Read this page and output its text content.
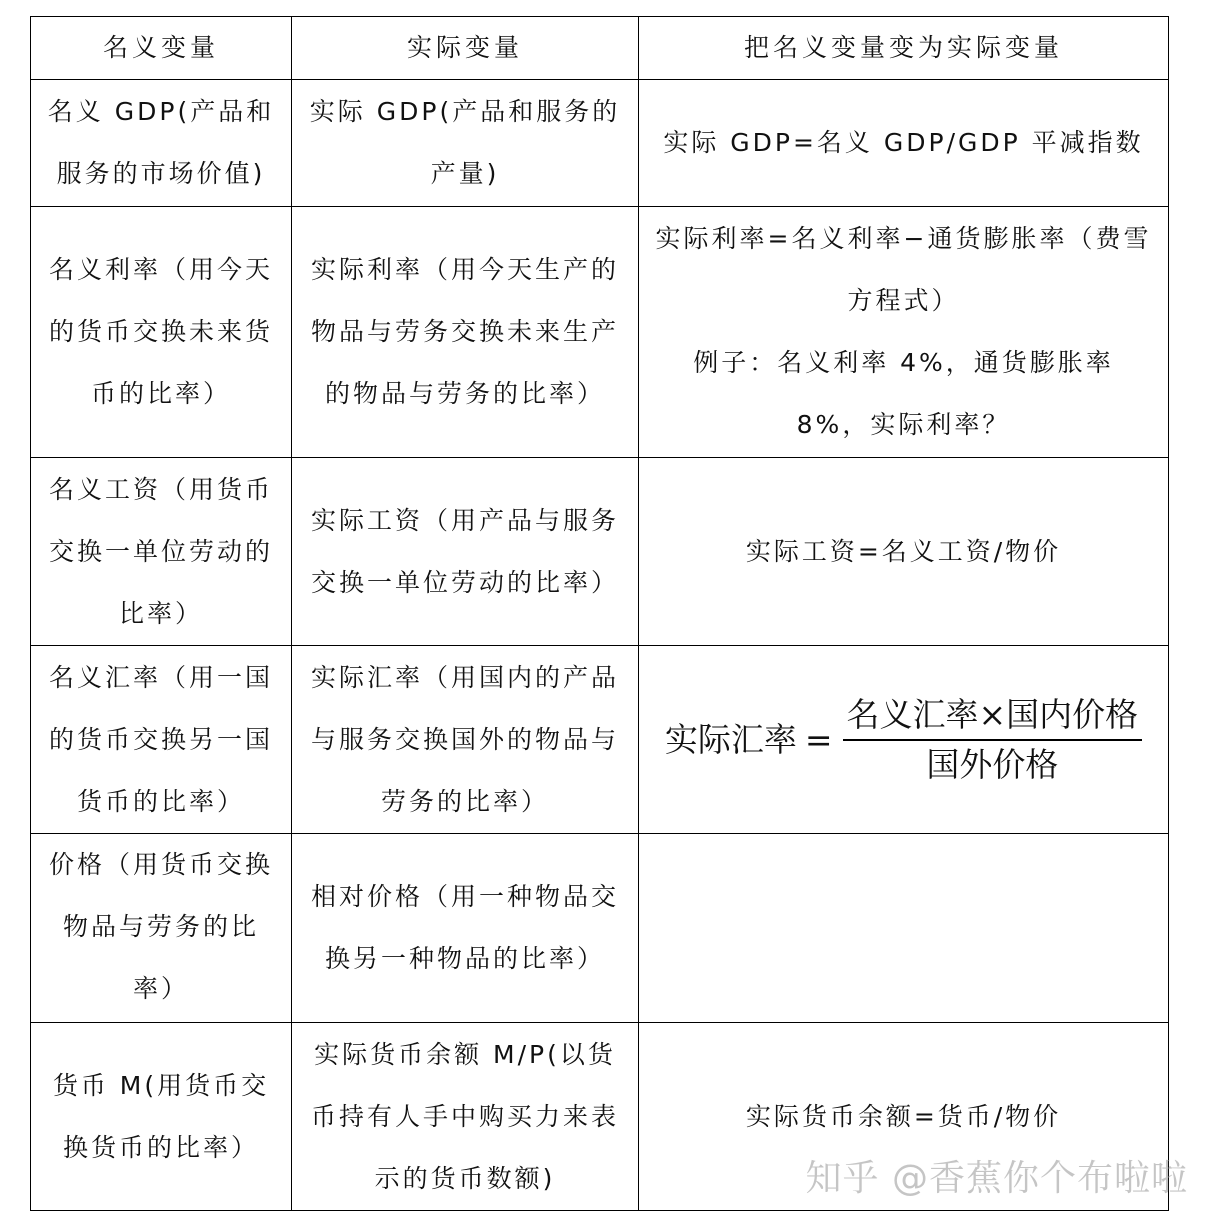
名义变量	实际变量	把名义变量变为实际变量
名义 GDP(产品和服务的市场价值)	实际 GDP(产品和服务的产量)	实际 GDP=名义 GDP/GDP 平减指数
名义利率（用今天的货币交换未来货币的比率）	实际利率（用今天生产的物品与劳务交换未来生产的物品与劳务的比率）	实际利率=名义利率−通货膨胀率（费雪方程式）
例子：名义利率 4%，通货膨胀率 8%，实际利率？

名义工资（用货币交换一单位劳动的比率）	实际工资（用产品与服务交换一单位劳动的比率）	实际工资=名义工资/物价
名义汇率（用一国的货币交换另一国货币的比率）	实际汇率（用国内的产品与服务交换国外的物品与劳务的比率）	实际汇率 = $\frac{\text{名义汇率×国内价格}}{\text{国外价格}}$

价格（用货币交换物品与劳务的比率）	相对价格（用一种物品交换另一种物品的比率）	
货币 M(用货币交换货币的比率）	实际货币余额 M/P(以货币持有人手中购买力来表示的货币数额)	实际货币余额=货币/物价
知乎 @香蕉你个布啦啦
